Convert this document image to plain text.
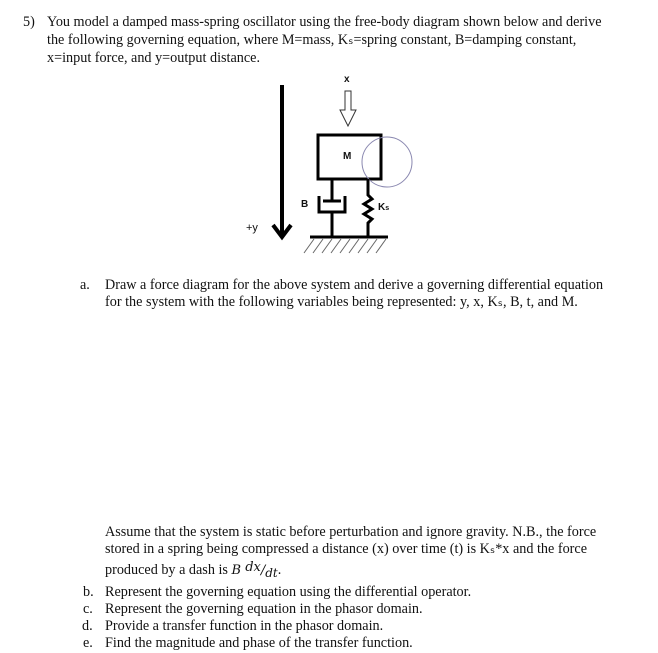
5) You model a damped mass-spring oscillator using the free-body diagram shown below and derive
the following governing equation, where M=mass, Kₛ=spring constant, B=damping constant,
x=input force, and y=output distance.
x
M
B	Ks
+y
a. Draw a force diagram for the above system and derive a governing differential equation
for the system with the following variables being represented: y, x, Kₛ, B, t, and M.
Assume that the system is static before perturbation and ignore gravity. N.B., the force
stored in a spring being compressed a distance (x) over time (t) is Kₛ*x and the force
produced by a dash is B dx/dt.
b. Represent the governing equation using the differential operator.
c. Represent the governing equation in the phasor domain.
d. Provide a transfer function in the phasor domain.
e. Find the magnitude and phase of the transfer function.
